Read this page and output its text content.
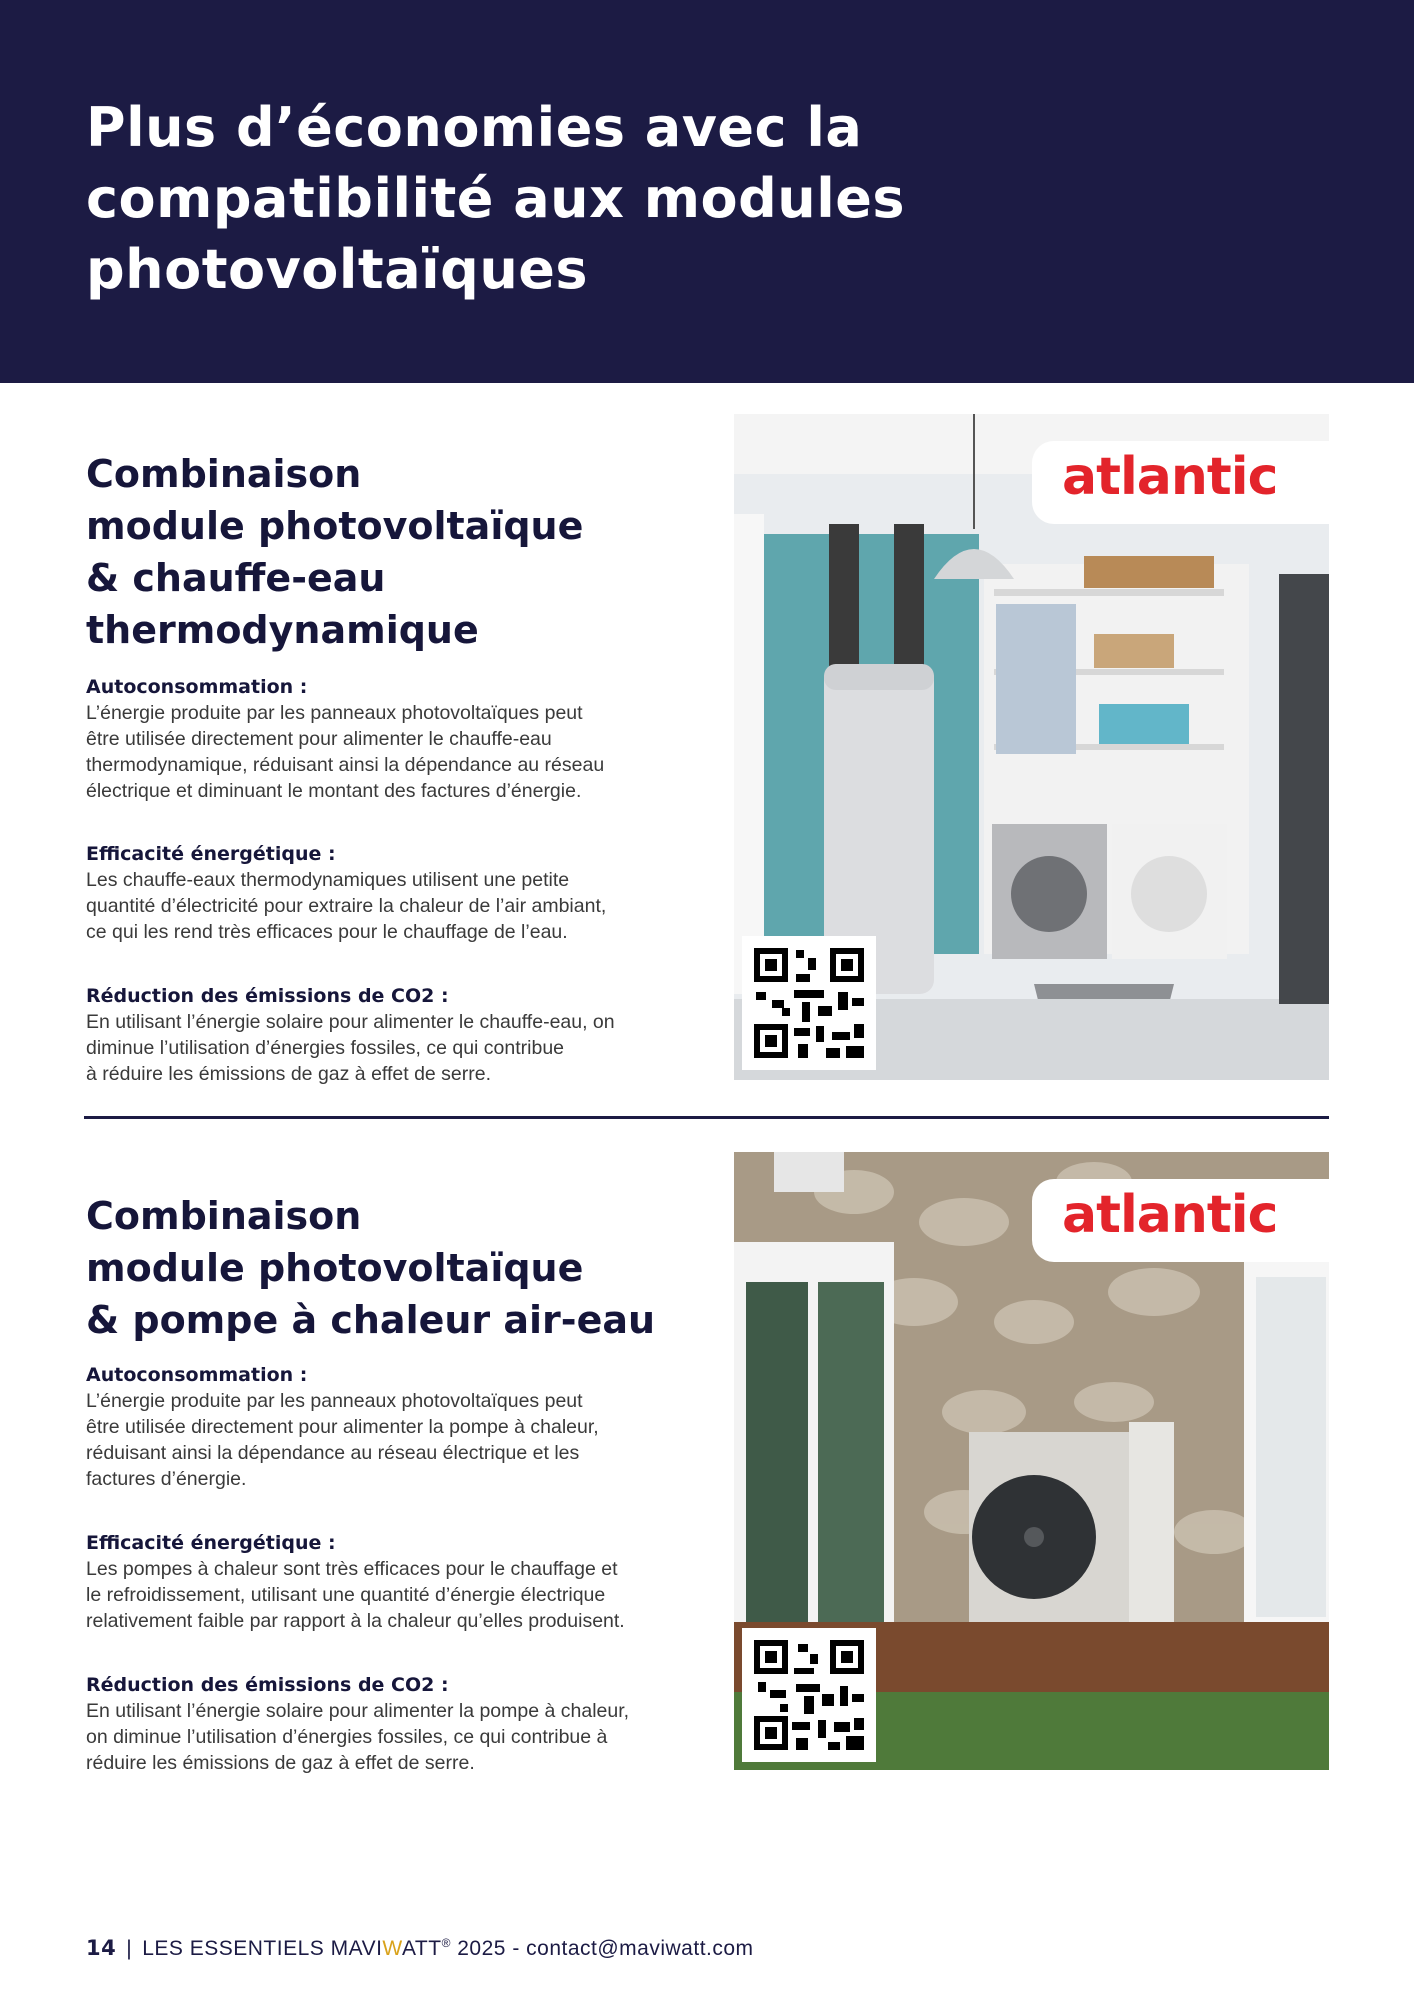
Plus d’économies avec la compatibilité aux modules photovoltaïques
Combinaison
module photovoltaïque
& chauffe-eau
thermodynamique
Autoconsommation :
L’énergie produite par les panneaux photovoltaïques peut
être utilisée directement pour alimenter le chauffe-eau
thermodynamique, réduisant ainsi la dépendance au réseau
électrique et diminuant le montant des factures d’énergie.
Efficacité énergétique :
Les chauffe-eaux thermodynamiques utilisent une petite
quantité d’électricité pour extraire la chaleur de l’air ambiant,
ce qui les rend très efficaces pour le chauffage de l’eau.
Réduction des émissions de CO2 :
En utilisant l’énergie solaire pour alimenter le chauffe-eau, on
diminue l’utilisation d’énergies fossiles, ce qui contribue
à réduire les émissions de gaz à effet de serre.
atlantic
Combinaison
module photovoltaïque
& pompe à chaleur air-eau
Autoconsommation :
L’énergie produite par les panneaux photovoltaïques peut
être utilisée directement pour alimenter la pompe à chaleur,
réduisant ainsi la dépendance au réseau électrique et les
factures d’énergie.
Efficacité énergétique :
Les pompes à chaleur sont très efficaces pour le chauffage et
le refroidissement, utilisant une quantité d’énergie électrique
relativement faible par rapport à la chaleur qu’elles produisent.
Réduction des émissions de CO2 :
En utilisant l’énergie solaire pour alimenter la pompe à chaleur,
on diminue l’utilisation d’énergies fossiles, ce qui contribue à
réduire les émissions de gaz à effet de serre.
atlantic
14 | LES ESSENTIELS MAVIWATT® 2025 - contact@maviwatt.com
